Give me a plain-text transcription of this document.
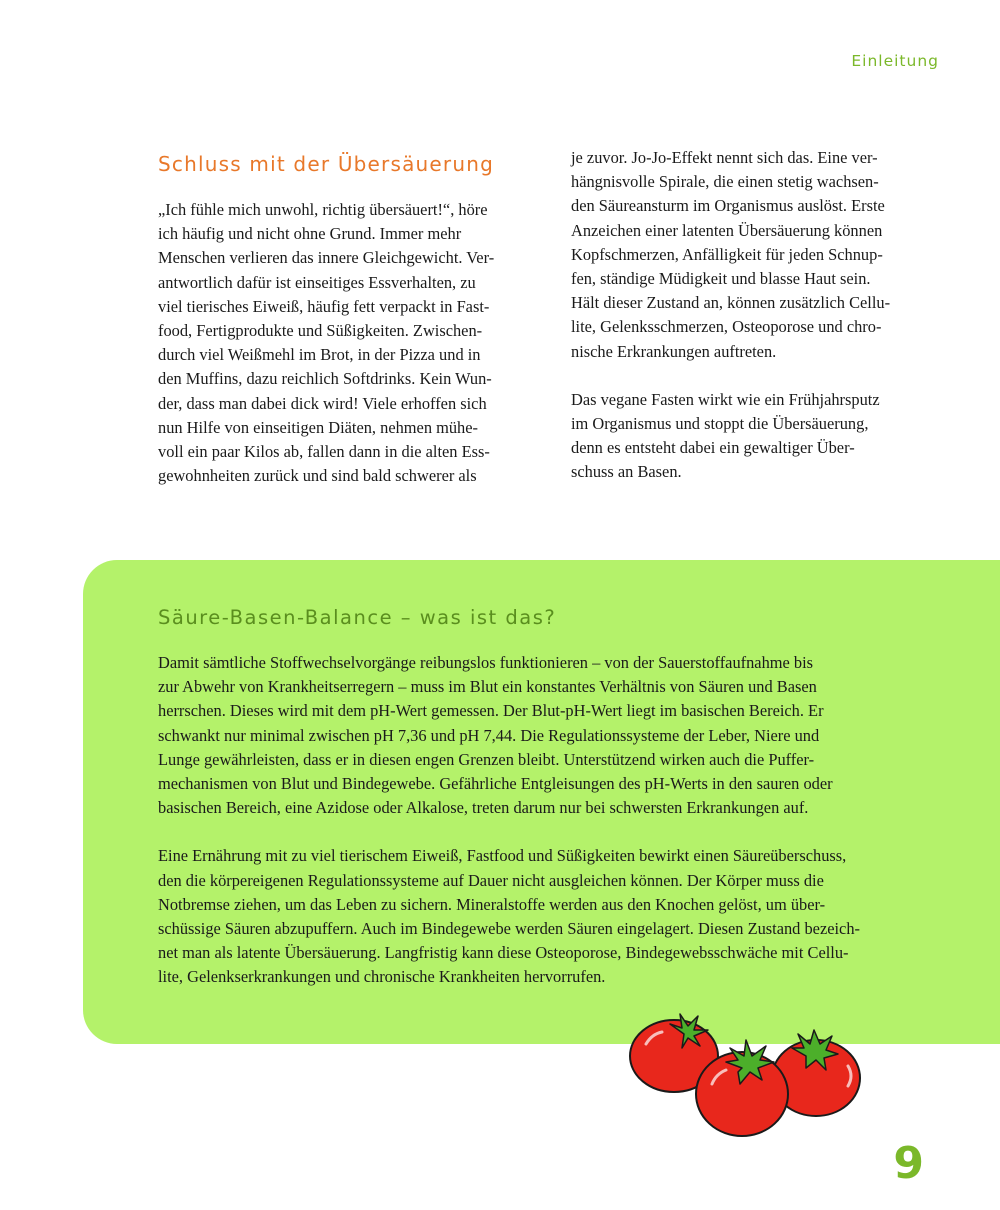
Einleitung
Schluss mit der Übersäuerung
„Ich fühle mich unwohl, richtig übersäuert!“, höre
ich häufig und nicht ohne Grund. Immer mehr
Menschen verlieren das innere Gleichgewicht. Ver-
antwortlich dafür ist einseitiges Essverhalten, zu
viel tierisches Eiweiß, häufig fett verpackt in Fast-
food, Fertigprodukte und Süßigkeiten. Zwischen-
durch viel Weißmehl im Brot, in der Pizza und in
den Muffins, dazu reichlich Softdrinks. Kein Wun-
der, dass man dabei dick wird! Viele erhoffen sich
nun Hilfe von einseitigen Diäten, nehmen mühe-
voll ein paar Kilos ab, fallen dann in die alten Ess-
gewohnheiten zurück und sind bald schwerer als
je zuvor. Jo-Jo-Effekt nennt sich das. Eine ver-
hängnisvolle Spirale, die einen stetig wachsen-
den Säureansturm im Organismus auslöst. Erste
Anzeichen einer latenten Übersäuerung können
Kopfschmerzen, Anfälligkeit für jeden Schnup-
fen, ständige Müdigkeit und blasse Haut sein.
Hält dieser Zustand an, können zusätzlich Cellu-
lite, Gelenksschmerzen, Osteoporose und chro-
nische Erkrankungen auftreten.
Das vegane Fasten wirkt wie ein Frühjahrsputz
im Organismus und stoppt die Übersäuerung,
denn es entsteht dabei ein gewaltiger Über-
schuss an Basen.
Säure-Basen-Balance – was ist das?
Damit sämtliche Stoffwechselvorgänge reibungslos funktionieren – von der Sauerstoffaufnahme bis
zur Abwehr von Krankheitserregern – muss im Blut ein konstantes Verhältnis von Säuren und Basen
herrschen. Dieses wird mit dem pH-Wert gemessen. Der Blut-pH-Wert liegt im basischen Bereich. Er
schwankt nur minimal zwischen pH 7,36 und pH 7,44. Die Regulationssysteme der Leber, Niere und
Lunge gewährleisten, dass er in diesen engen Grenzen bleibt. Unterstützend wirken auch die Puffer-
mechanismen von Blut und Bindegewebe. Gefährliche Entgleisungen des pH-Werts in den sauren oder
basischen Bereich, eine Azidose oder Alkalose, treten darum nur bei schwersten Erkrankungen auf.
Eine Ernährung mit zu viel tierischem Eiweiß, Fastfood und Süßigkeiten bewirkt einen Säureüberschuss,
den die körpereigenen Regulationssysteme auf Dauer nicht ausgleichen können. Der Körper muss die
Notbremse ziehen, um das Leben zu sichern. Mineralstoffe werden aus den Knochen gelöst, um über-
schüssige Säuren abzupuffern. Auch im Bindegewebe werden Säuren eingelagert. Diesen Zustand bezeich-
net man als latente Übersäuerung. Langfristig kann diese Osteoporose, Bindegewebsschwäche mit Cellu-
lite, Gelenkserkrankungen und chronische Krankheiten hervorrufen.
9
